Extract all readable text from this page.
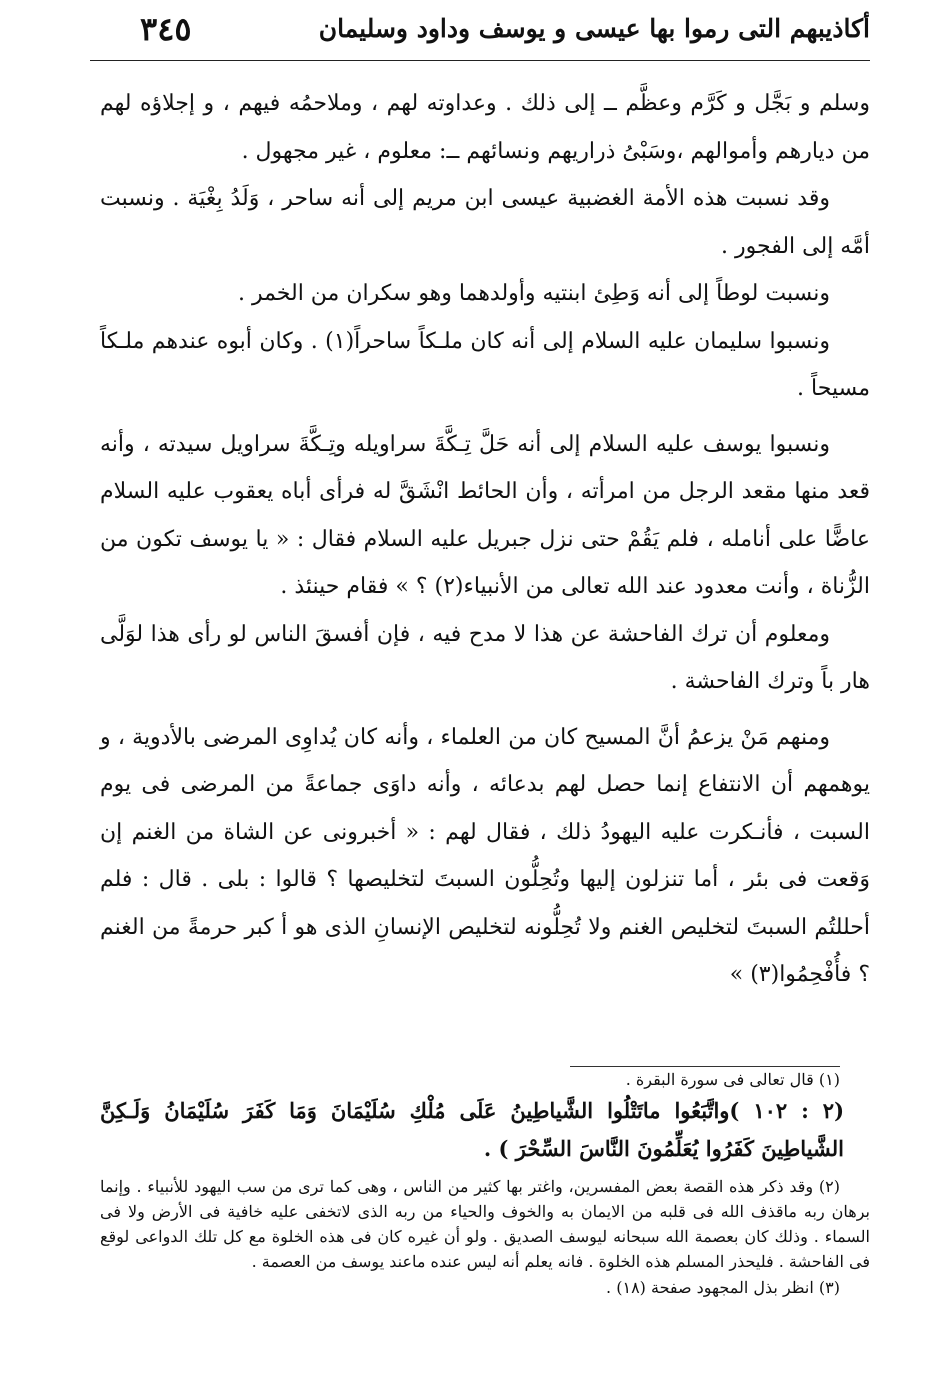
أكاذيبهم التى رموا بها عيسى و يوسف وداود وسليمان
٣٤٥

وسلم و بَجَّل و كَرَّم وعظَّم ــ إلى ذلك . وعداوته لهم ، وملاحمُه فيهم ، و إجلاؤه لهم من ديارهم وأموالهم ،وسَبْىُ ذراريهم ونسائهم ــ: معلوم ، غير مجهول .

وقد نسبت هذه الأمة الغضبية عيسى ابن مريم إلى أنه ساحر ، وَلَدُ بِغْيَة . ونسبت أمَّه إلى الفجور .

ونسبت لوطاً إلى أنه وَطِئ ابنتيه وأولدهما وهو سكران من الخمر .

ونسبوا سليمان عليه السلام إلى أنه كان ملـكاً ساحراً(١) . وكان أبوه عندهم ملـكاً مسيحاً .

ونسبوا يوسف عليه السلام إلى أنه حَلَّ تِـكَّةَ سراويله وتِـكَّةَ سراويل سيدته ، وأنه قعد منها مقعد الرجل من امرأته ، وأن الحائط انْشَقَّ له فرأى أباه يعقوب عليه السلام عاضًّا على أنامله ، فلم يَقُمْ حتى نزل جبريل عليه السلام فقال : « يا يوسف تكون من الزُّناة ، وأنت معدود عند الله تعالى من الأنبياء(٢) ؟ » فقام حينئذ .

ومعلوم أن ترك الفاحشة عن هذا لا مدح فيه ، فإن أفسقَ الناس لو رأى هذا لوَلَّى هار باً وترك الفاحشة .

ومنهم مَنْ يزعمُ أنَّ المسيح كان من العلماء ، وأنه كان يُداوِى المرضى بالأدوية ، و يوهمهم أن الانتفاع إنما حصل لهم بدعائه ، وأنه داوَى جماعةً من المرضى فى يوم السبت ، فأنـكرت عليه اليهودُ ذلك ، فقال لهم : « أخبرونى عن الشاة من الغنم إن وَقعت فى بئر ، أما تنزلون إليها وتُحِلُّون السبتَ لتخليصها ؟ قالوا : بلى . قال : فلم أحللتُم السبتَ لتخليص الغنم ولا تُحِلُّونه لتخليص الإنسانِ الذى هو أ كبر حرمةً من الغنم ؟ فأُفْحِمُوا(٣) »

(١) قال تعالى فى سورة البقرة .

(٢ : ١٠٢ )واتَّبَعُوا ماتَتْلُوا الشَّياطِينُ عَلَى مُلْكِ سُلَيْمَانَ وَمَا كَفَرَ سُلَيْمَانُ وَلَـكِنَّ الشَّياطِينَ كَفَرُوا يُعَلِّمُونَ النَّاسَ السِّحْرَ ) .

(٢) وقد ذكر هذه القصة بعض المفسرين، واغتر بها كثير من الناس ، وهى كما ترى من سب اليهود للأنبياء . وإنما برهان ربه ماقذف الله فى قلبه من الايمان به والخوف والحياء من ربه الذى لاتخفى عليه خافية فى الأرض ولا فى السماء . وذلك كان بعصمة الله سبحانه ليوسف الصديق . ولو أن غيره كان فى هذه الخلوة مع كل تلك الدواعى لوقع فى الفاحشة . فليحذر المسلم هذه الخلوة . فانه يعلم أنه ليس عنده ماعند يوسف من العصمة .

(٣) انظر بذل المجهود صفحة (١٨) .
